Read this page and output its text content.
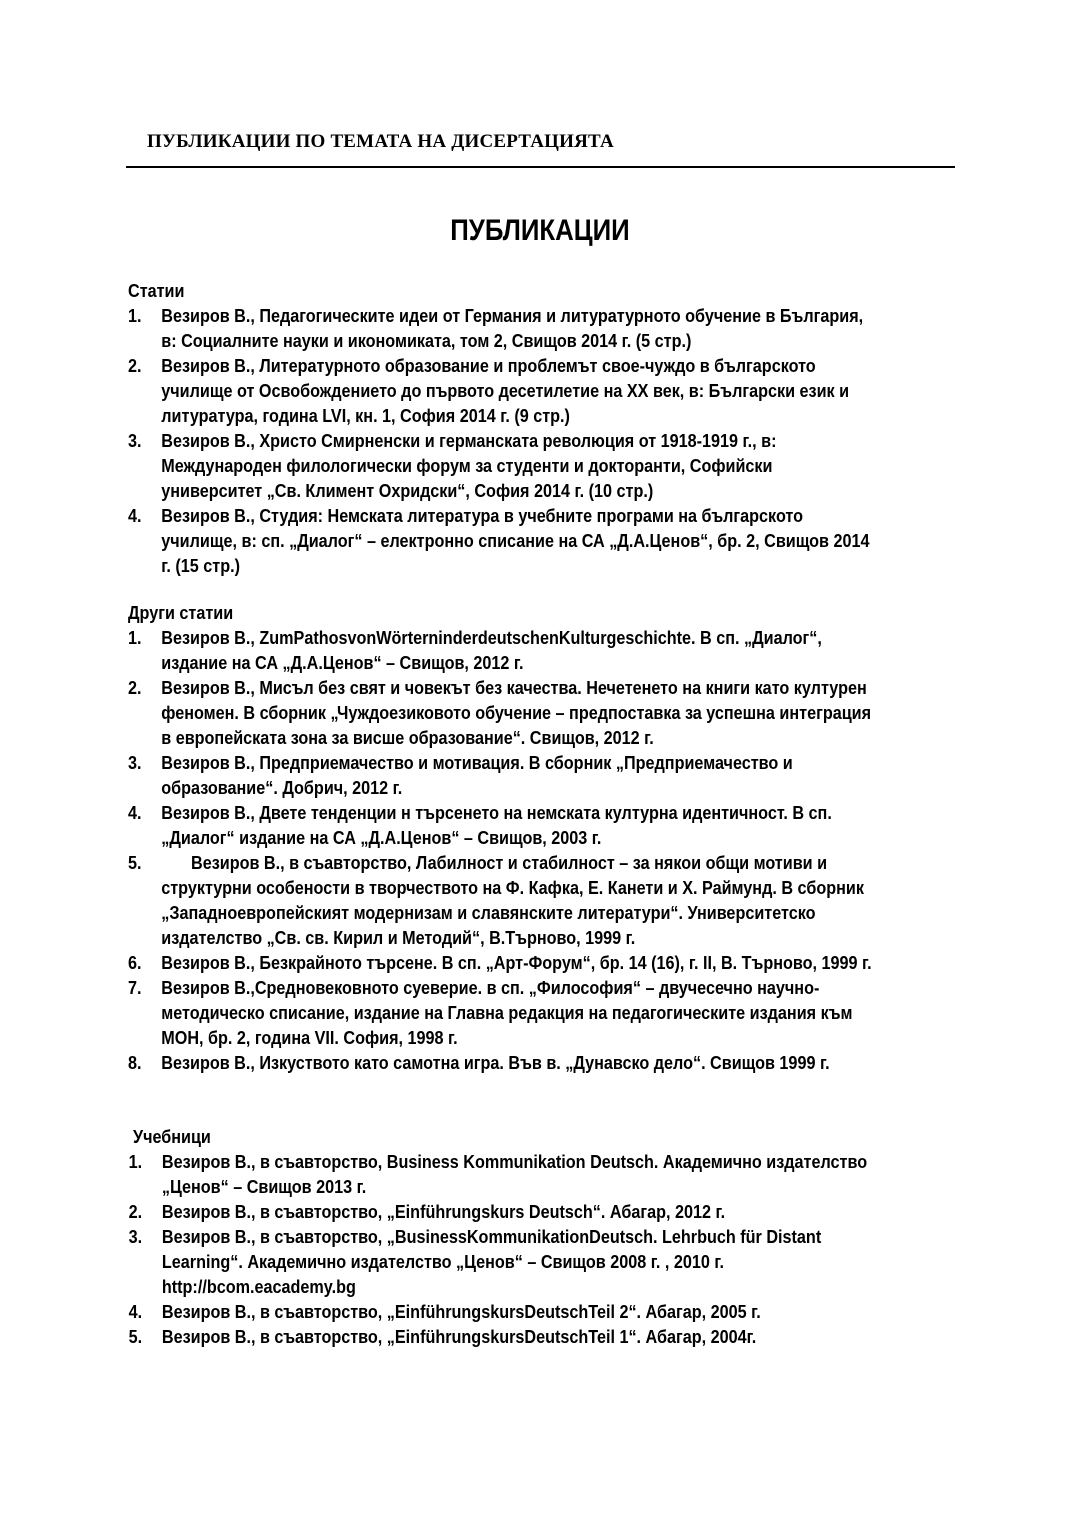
ПУБЛИКАЦИИ ПО ТЕМАТА НА ДИСЕРТАЦИЯТА
ПУБЛИКАЦИИ
Статии
1. Везиров В., Педагогическите идеи от Германия и литуратурното обучение в България,
в: Социалните науки и икономиката, том 2, Свищов 2014 г. (5 стр.)
2. Везиров В., Литературното образование и проблемът свое-чуждо в българското
училище от Освобождението до първото десетилетие на ХХ век, в: Български език и
литуратура, година LVI, кн. 1, София 2014 г. (9 стр.)
3. Везиров В., Христо Смирненски и германската революция от 1918-1919 г., в:
Международен филологически форум за студенти и докторанти, Софийски
университет „Св. Климент Охридски“, София 2014 г. (10 стр.)
4. Везиров В., Студия: Немската литература в учебните програми на българското
училище, в: сп. „Диалог“ – електронно списание на СА „Д.А.Ценов“, бр. 2, Свищов 2014
г. (15 стр.)
Други статии
1. Везиров В., ZumPathosvonWörterninderdeutschenKulturgeschichte. В сп. „Диалог“,
издание на СА „Д.А.Ценов“ – Свищов, 2012 г.
2. Везиров В., Мисъл без свят и човекът без качества. Нечетенето на книги като културен
феномен. В сборник „Чуждоезиковото обучение – предпоставка за успешна интеграция
в европейската зона за висше образование“. Свищов, 2012 г.
3. Везиров В., Предприемачество и мотивация. В сборник „Предприемачество и
образование“. Добрич, 2012 г.
4. Везиров В., Двете тенденции н търсенето на немската културна идентичност. В сп.
„Диалог“ издание на СА „Д.А.Ценов“ – Свищов, 2003 г.
5.	Везиров В., в съавторство, Лабилност и стабилност – за някои общи мотиви и
структурни особености в творчеството на Ф. Кафка, Е. Канети и Х. Раймунд. В сборник
„Западноевропейският модернизам и славянските литератури“. Университетско
издателство „Св. св. Кирил и Методий“, В.Търново, 1999 г.
6. Везиров В., Безкрайното търсене. В сп. „Арт-Форум“, бр. 14 (16), г. ІІ, В. Търново, 1999 г.
7. Везиров В.,Средновековното суеверие. в сп. „Философия“ – двучесечно научно-
методическо списание, издание на Главна редакция на педагогическите издания към
МОН, бр. 2, година VІІ. София, 1998 г.
8. Везиров В., Изкуството като самотна игра. Във в. „Дунавско дело“. Свищов 1999 г.
Учебници
1. Везиров В., в съавторство, Business Kommunikation Deutsch. Академично издателство
„Ценов“ – Свищов 2013 г.
2. Везиров В., в съавторство, „Einführungskurs Deutsch“. Абагар, 2012 г.
3. Везиров В., в съавторство, „BusinessKommunikationDeutsch. Lehrbuch für Distant
Learning“. Академично издателство „Ценов“ – Свищов 2008 г. , 2010 г.
http://bcom.eacademy.bg
4. Везиров В., в съавторство, „EinführungskursDeutschTeil 2“. Абагар, 2005 г.
5. Везиров В., в съавторство, „EinführungskursDeutschTeil 1“. Абагар, 2004г.
